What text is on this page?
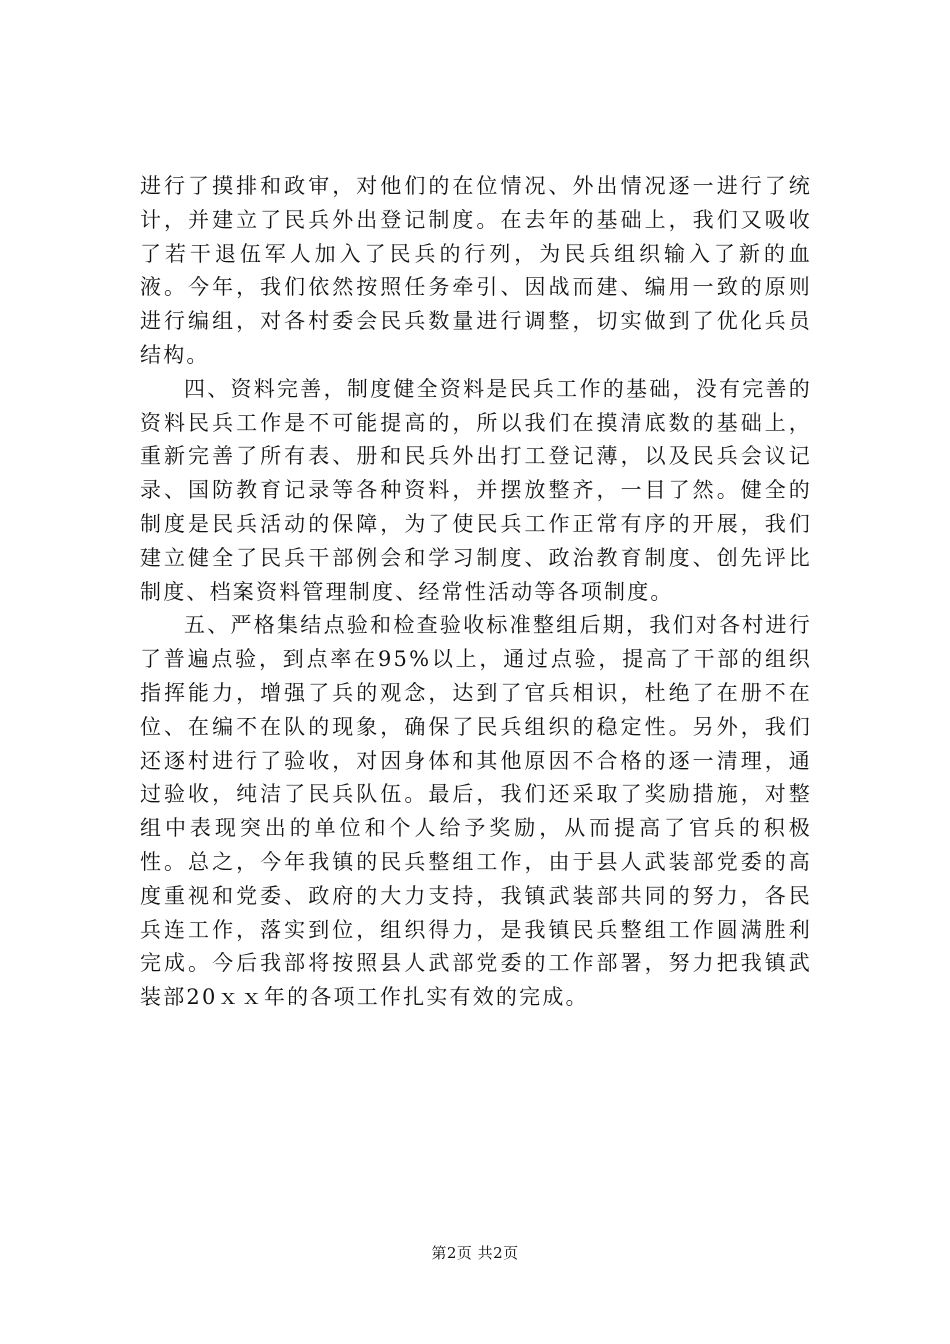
进行了摸排和政审，对他们的在位情况、外出情况逐一进行了统计，并建立了民兵外出登记制度。在去年的基础上，我们又吸收了若干退伍军人加入了民兵的行列，为民兵组织输入了新的血液。今年，我们依然按照任务牵引、因战而建、编用一致的原则进行编组，对各村委会民兵数量进行调整，切实做到了优化兵员结构。

四、资料完善，制度健全资料是民兵工作的基础，没有完善的资料民兵工作是不可能提高的，所以我们在摸清底数的基础上，重新完善了所有表、册和民兵外出打工登记薄，以及民兵会议记录、国防教育记录等各种资料，并摆放整齐，一目了然。健全的制度是民兵活动的保障，为了使民兵工作正常有序的开展，我们建立健全了民兵干部例会和学习制度、政治教育制度、创先评比制度、档案资料管理制度、经常性活动等各项制度。

五、严格集结点验和检查验收标准整组后期，我们对各村进行了普遍点验，到点率在95%以上，通过点验，提高了干部的组织指挥能力，增强了兵的观念，达到了官兵相识，杜绝了在册不在位、在编不在队的现象，确保了民兵组织的稳定性。另外，我们还逐村进行了验收，对因身体和其他原因不合格的逐一清理，通过验收，纯洁了民兵队伍。最后，我们还采取了奖励措施，对整组中表现突出的单位和个人给予奖励，从而提高了官兵的积极性。总之，今年我镇的民兵整组工作，由于县人武装部党委的高度重视和党委、政府的大力支持，我镇武装部共同的努力，各民兵连工作，落实到位，组织得力，是我镇民兵整组工作圆满胜利完成。今后我部将按照县人武部党委的工作部署，努力把我镇武装部20ｘｘ年的各项工作扎实有效的完成。

第2页 共2页
